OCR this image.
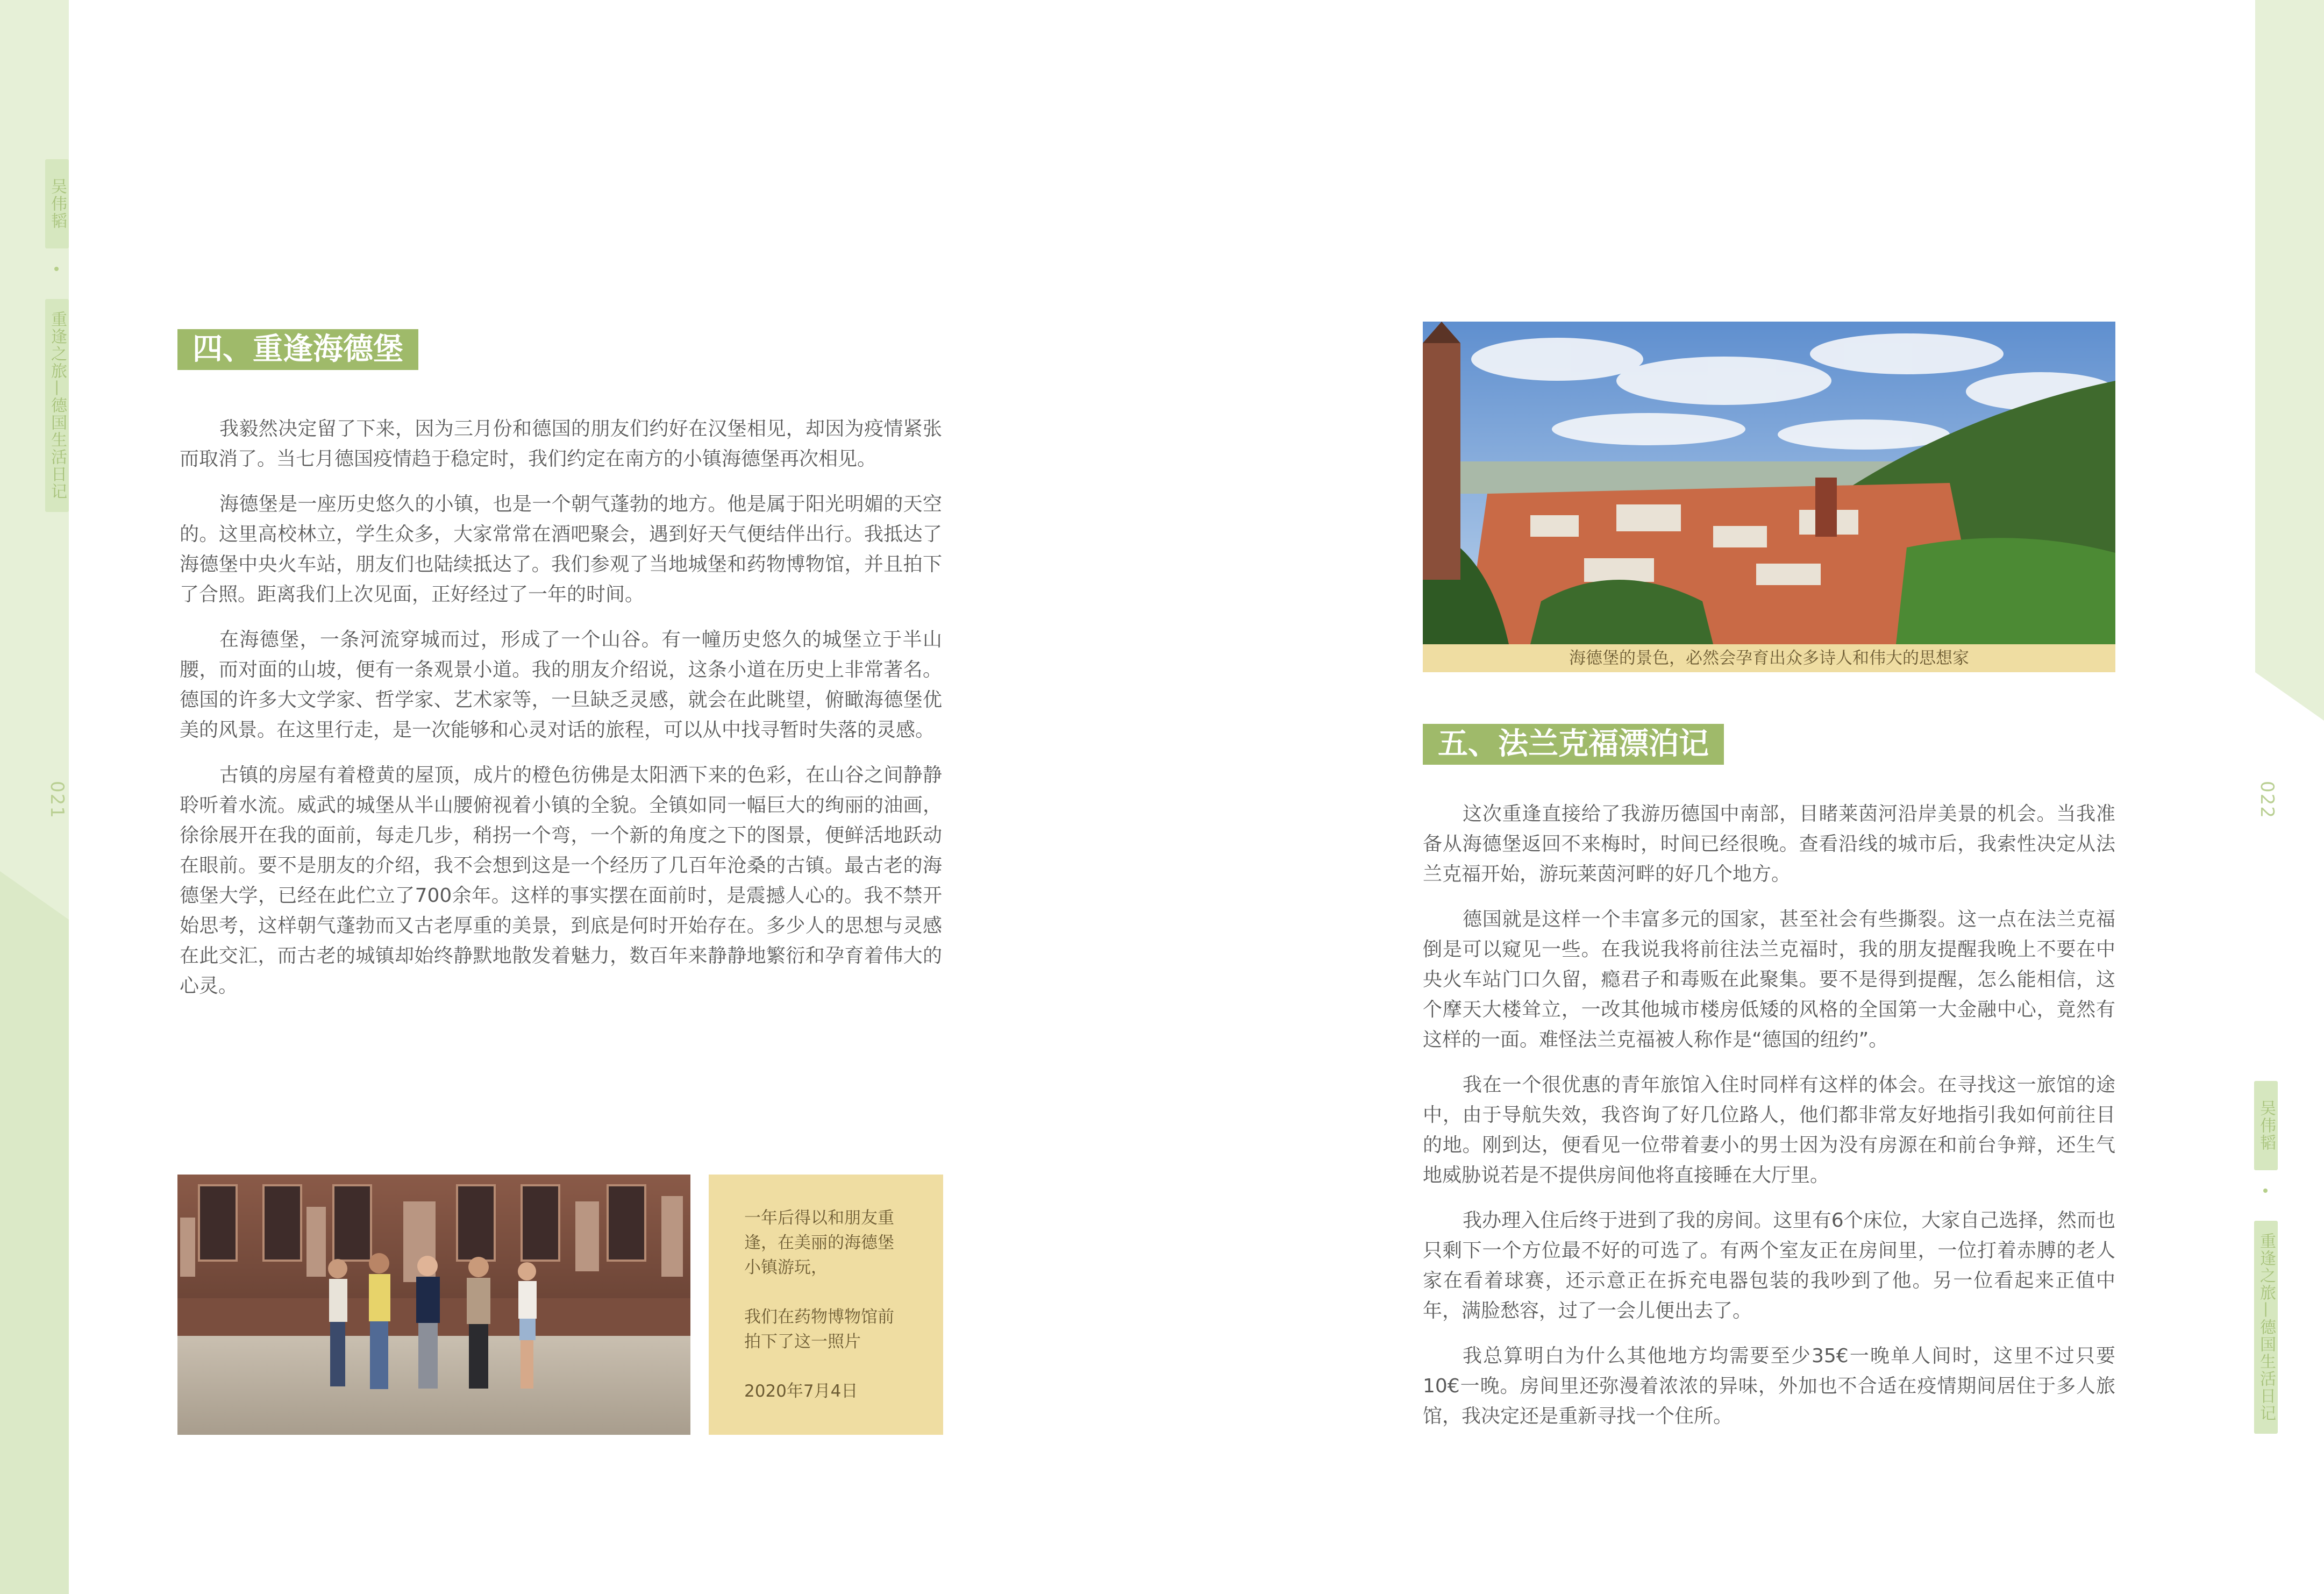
吴伟韬
重逢之旅—德国生活日记
021	022
吴伟韬
重逢之旅—德国生活日记
四、重逢海德堡

我毅然决定留了下来，因为三月份和德国的朋友们约好在汉堡相见，却因为疫情紧张而取消了。当七月德国疫情趋于稳定时，我们约定在南方的小镇海德堡再次相见。

海德堡是一座历史悠久的小镇，也是一个朝气蓬勃的地方。他是属于阳光明媚的天空的。这里高校林立，学生众多，大家常常在酒吧聚会，遇到好天气便结伴出行。我抵达了海德堡中央火车站，朋友们也陆续抵达了。我们参观了当地城堡和药物博物馆，并且拍下了合照。距离我们上次见面，正好经过了一年的时间。

在海德堡，一条河流穿城而过，形成了一个山谷。有一幢历史悠久的城堡立于半山腰，而对面的山坡，便有一条观景小道。我的朋友介绍说，这条小道在历史上非常著名。德国的许多大文学家、哲学家、艺术家等，一旦缺乏灵感，就会在此眺望，俯瞰海德堡优美的风景。在这里行走，是一次能够和心灵对话的旅程，可以从中找寻暂时失落的灵感。

古镇的房屋有着橙黄的屋顶，成片的橙色彷佛是太阳洒下来的色彩，在山谷之间静静聆听着水流。威武的城堡从半山腰俯视着小镇的全貌。全镇如同一幅巨大的绚丽的油画，徐徐展开在我的面前，每走几步，稍拐一个弯，一个新的角度之下的图景，便鲜活地跃动在眼前。要不是朋友的介绍，我不会想到这是一个经历了几百年沧桑的古镇。最古老的海德堡大学，已经在此伫立了700余年。这样的事实摆在面前时，是震撼人心的。我不禁开始思考，这样朝气蓬勃而又古老厚重的美景，到底是何时开始存在。多少人的思想与灵感在此交汇，而古老的城镇却始终静默地散发着魅力，数百年来静静地繁衍和孕育着伟大的心灵。

一年后得以和朋友重
逢，在美丽的海德堡
小镇游玩，
我们在药物博物馆前
拍下了这一照片
2020年7月4日
海德堡的景色，必然会孕育出众多诗人和伟大的思想家
五、法兰克福漂泊记

这次重逢直接给了我游历德国中南部，目睹莱茵河沿岸美景的机会。当我准备从海德堡返回不来梅时，时间已经很晚。查看沿线的城市后，我索性决定从法兰克福开始，游玩莱茵河畔的好几个地方。

德国就是这样一个丰富多元的国家，甚至社会有些撕裂。这一点在法兰克福倒是可以窥见一些。在我说我将前往法兰克福时，我的朋友提醒我晚上不要在中央火车站门口久留，瘾君子和毒贩在此聚集。要不是得到提醒，怎么能相信，这个摩天大楼耸立，一改其他城市楼房低矮的风格的全国第一大金融中心，竟然有这样的一面。难怪法兰克福被人称作是“德国的纽约”。

我在一个很优惠的青年旅馆入住时同样有这样的体会。在寻找这一旅馆的途中，由于导航失效，我咨询了好几位路人，他们都非常友好地指引我如何前往目的地。刚到达，便看见一位带着妻小的男士因为没有房源在和前台争辩，还生气地威胁说若是不提供房间他将直接睡在大厅里。

我办理入住后终于进到了我的房间。这里有6个床位，大家自己选择，然而也只剩下一个方位最不好的可选了。有两个室友正在房间里，一位打着赤膊的老人家在看着球赛，还示意正在拆充电器包装的我吵到了他。另一位看起来正值中年，满脸愁容，过了一会儿便出去了。

我总算明白为什么其他地方均需要至少35€一晚单人间时，这里不过只要10€一晚。房间里还弥漫着浓浓的异味，外加也不合适在疫情期间居住于多人旅馆，我决定还是重新寻找一个住所。
